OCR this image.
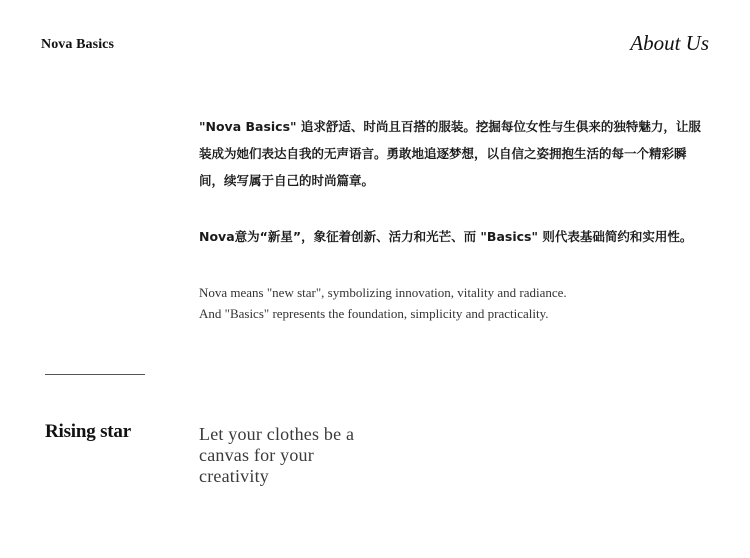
Nova Basics	About Us

"Nova Basics" 追求舒适、时尚且百搭的服装。挖掘每位女性与生俱来的独特魅力，让服装成为她们表达自我的无声语言。勇敢地追逐梦想，以自信之姿拥抱生活的每一个精彩瞬间，续写属于自己的时尚篇章。

Nova意为“新星”，象征着创新、活力和光芒、而 "Basics" 则代表基础简约和实用性。

Nova means "new star", symbolizing innovation, vitality and radiance.
And "Basics" represents the foundation, simplicity and practicality.

Rising star	Let your clothes be a
canvas for your
creativity
